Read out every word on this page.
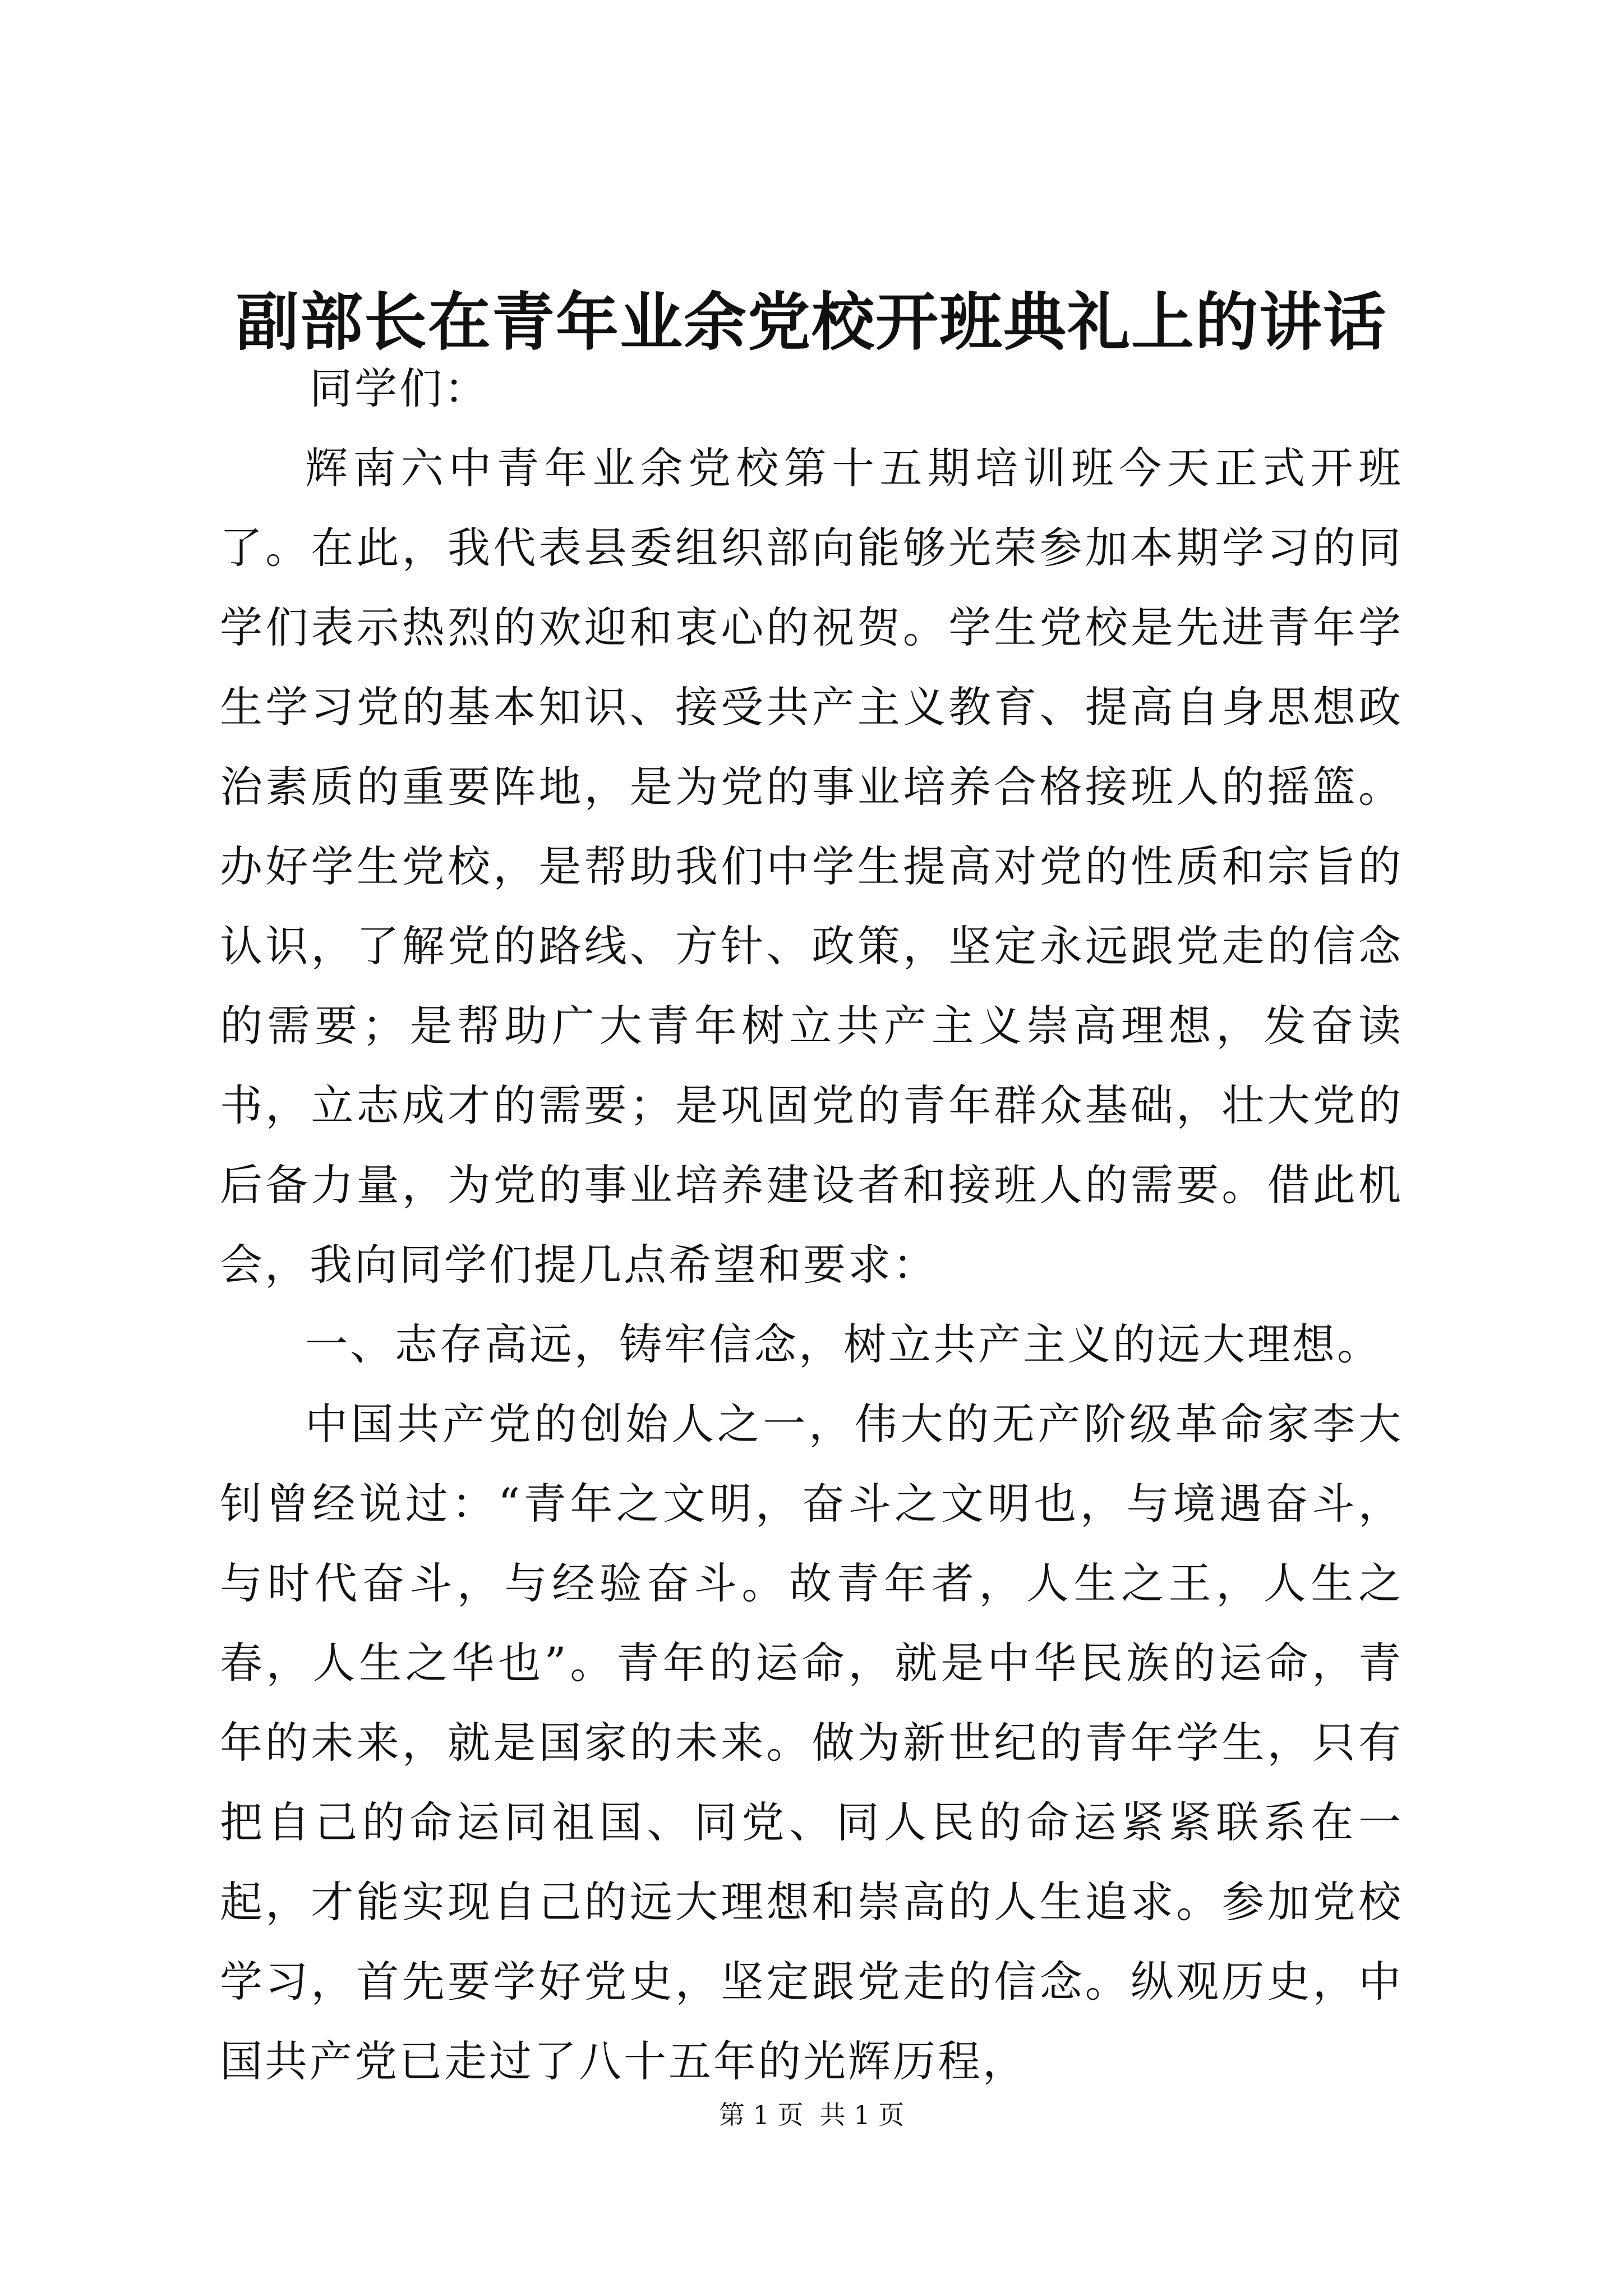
副部长在青年业余党校开班典礼上的讲话

同学们：

辉南六中青年业余党校第十五期培训班今天正式开班了。在此，我代表县委组织部向能够光荣参加本期学习的同学们表示热烈的欢迎和衷心的祝贺。学生党校是先进青年学生学习党的基本知识、接受共产主义教育、提高自身思想政治素质的重要阵地，是为党的事业培养合格接班人的摇篮。办好学生党校，是帮助我们中学生提高对党的性质和宗旨的认识，了解党的路线、方针、政策，坚定永远跟党走的信念的需要；是帮助广大青年树立共产主义崇高理想，发奋读书，立志成才的需要；是巩固党的青年群众基础，壮大党的后备力量，为党的事业培养建设者和接班人的需要。借此机会，我向同学们提几点希望和要求：

一、志存高远，铸牢信念，树立共产主义的远大理想。

中国共产党的创始人之一，伟大的无产阶级革命家李大钊曾经说过：“青年之文明，奋斗之文明也，与境遇奋斗，与时代奋斗，与经验奋斗。故青年者，人生之王，人生之春，人生之华也”。青年的运命，就是中华民族的运命，青年的未来，就是国家的未来。做为新世纪的青年学生，只有把自己的命运同祖国、同党、同人民的命运紧紧联系在一起，才能实现自己的远大理想和崇高的人生追求。参加党校学习，首先要学好党史，坚定跟党走的信念。纵观历史，中国共产党已走过了八十五年的光辉历程，

第 1 页  共 1 页
